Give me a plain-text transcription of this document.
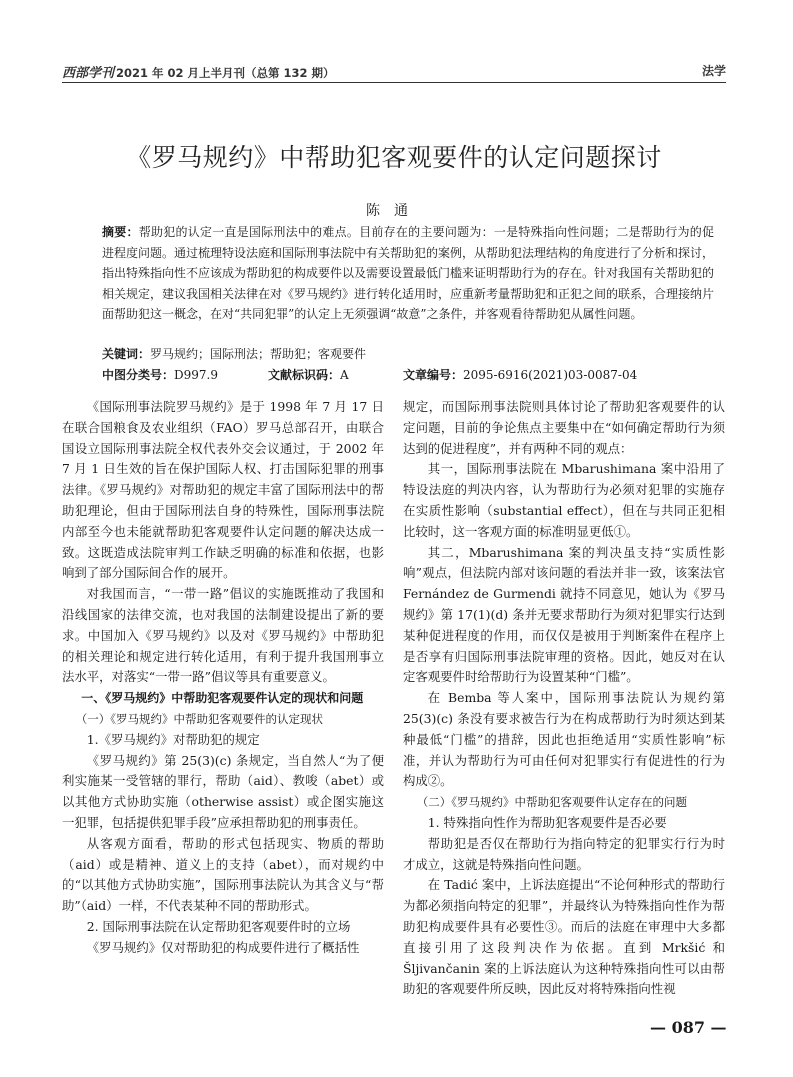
西部学刊 2021 年 02 月上半月刊（总第 132 期）	法学
《罗马规约》中帮助犯客观要件的认定问题探讨
陈通
摘要：帮助犯的认定一直是国际刑法中的难点。目前存在的主要问题为：一是特殊指向性问题；二是帮助行为的促进程度问题。通过梳理特设法庭和国际刑事法院中有关帮助犯的案例，从帮助犯法理结构的角度进行了分析和探讨，指出特殊指向性不应该成为帮助犯的构成要件以及需要设置最低门槛来证明帮助行为的存在。针对我国有关帮助犯的相关规定，建议我国相关法律在对《罗马规约》进行转化适用时，应重新考量帮助犯和正犯之间的联系，合理接纳片面帮助犯这一概念，在对“共同犯罪”的认定上无须强调“故意”之条件，并客观看待帮助犯从属性问题。
关键词：罗马规约；国际刑法；帮助犯；客观要件
中图分类号：D997.9	文献标识码：A	文章编号：2095-6916(2021)03-0087-04

《国际刑事法院罗马规约》是于 1998 年 7 月 17 日在联合国粮食及农业组织（FAO）罗马总部召开，由联合国设立国际刑事法院全权代表外交会议通过，于 2002 年 7 月 1 日生效的旨在保护国际人权、打击国际犯罪的刑事法律。《罗马规约》对帮助犯的规定丰富了国际刑法中的帮助犯理论，但由于国际刑法自身的特殊性，国际刑事法院内部至今也未能就帮助犯客观要件认定问题的解决达成一致。这既造成法院审判工作缺乏明确的标准和依据，也影响到了部分国际间合作的展开。

对我国而言，“一带一路”倡议的实施既推动了我国和沿线国家的法律交流，也对我国的法制建设提出了新的要求。中国加入《罗马规约》以及对《罗马规约》中帮助犯的相关理论和规定进行转化适用，有利于提升我国刑事立法水平，对落实“一带一路”倡议等具有重要意义。

一、《罗马规约》中帮助犯客观要件认定的现状和问题

（一）《罗马规约》中帮助犯客观要件的认定现状

1.《罗马规约》对帮助犯的规定

《罗马规约》第 25(3)(c) 条规定，当自然人“为了便利实施某一受管辖的罪行，帮助（aid）、教唆（abet）或以其他方式协助实施（otherwise assist）或企图实施这一犯罪，包括提供犯罪手段”应承担帮助犯的刑事责任。

从客观方面看，帮助的形式包括现实、物质的帮助（aid）或是精神、道义上的支持（abet），而对规约中的“以其他方式协助实施”，国际刑事法院认为其含义与“帮助”（aid）一样，不代表某种不同的帮助形式。

2. 国际刑事法院在认定帮助犯客观要件时的立场

《罗马规约》仅对帮助犯的构成要件进行了概括性

规定，而国际刑事法院则具体讨论了帮助犯客观要件的认定问题，目前的争论焦点主要集中在“如何确定帮助行为须达到的促进程度”，并有两种不同的观点：

其一，国际刑事法院在 Mbarushimana 案中沿用了特设法庭的判决内容，认为帮助行为必须对犯罪的实施存在实质性影响（substantial effect），但在与共同正犯相比较时，这一客观方面的标准明显更低①。

其二，Mbarushimana 案的判决虽支持“实质性影响”观点，但法院内部对该问题的看法并非一致，该案法官 Fernández de Gurmendi 就持不同意见，她认为《罗马规约》第 17(1)(d) 条并无要求帮助行为须对犯罪实行达到某种促进程度的作用，而仅仅是被用于判断案件在程序上是否享有归国际刑事法院审理的资格。因此，她反对在认定客观要件时给帮助行为设置某种“门槛”。

在 Bemba 等人案中，国际刑事法院认为规约第 25(3)(c) 条没有要求被告行为在构成帮助行为时须达到某种最低“门槛”的措辞，因此也拒绝适用“实质性影响”标准，并认为帮助行为可由任何对犯罪实行有促进性的行为构成②。

（二）《罗马规约》中帮助犯客观要件认定存在的问题

1. 特殊指向性作为帮助犯客观要件是否必要

帮助犯是否仅在帮助行为指向特定的犯罪实行行为时才成立，这就是特殊指向性问题。

在 Tadić 案中，上诉法庭提出“不论何种形式的帮助行为都必须指向特定的犯罪”，并最终认为特殊指向性作为帮助犯构成要件具有必要性③。而后的法庭在审理中大多都直接引用了这段判决作为依据。直到 Mrkšić 和 Šljivančanin 案的上诉法庭认为这种特殊指向性可以由帮助犯的客观要件所反映，因此反对将特殊指向性视

— 087 —
